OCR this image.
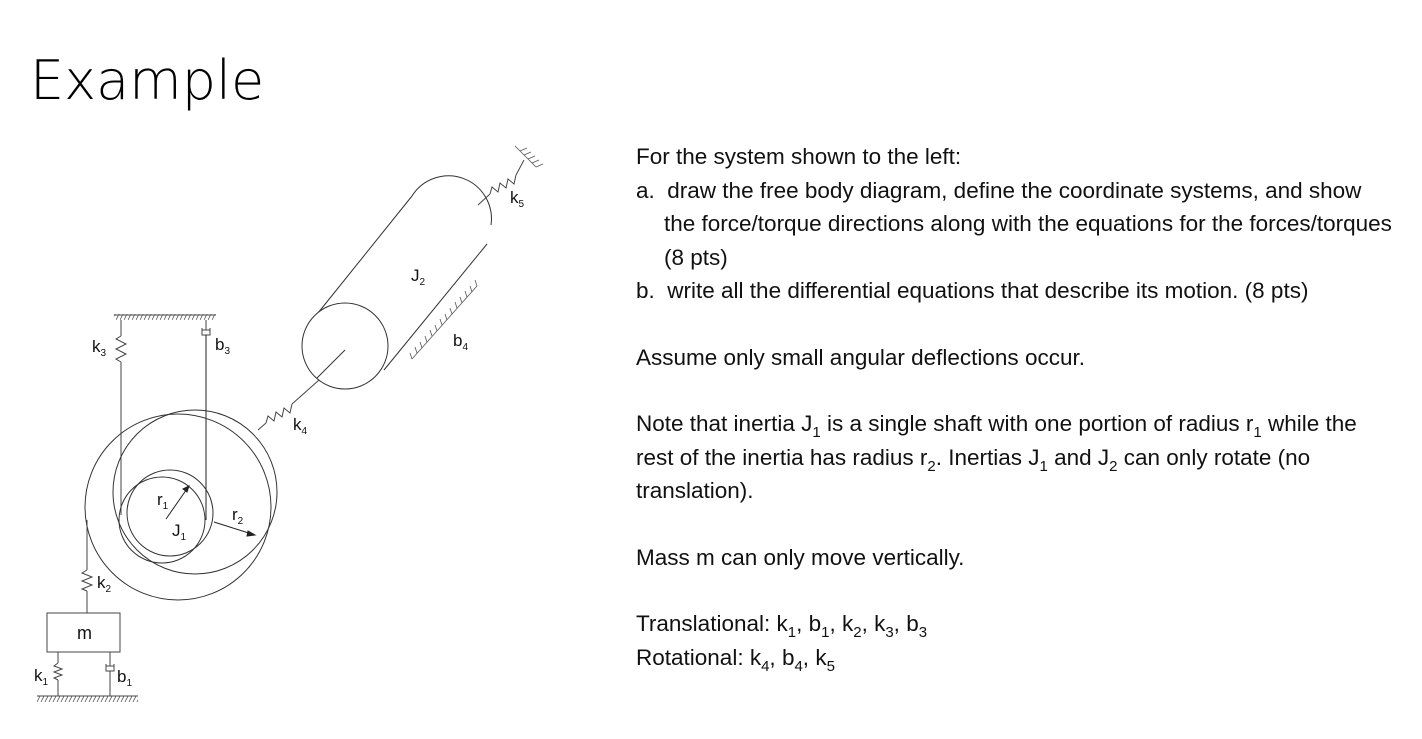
Example
$k_3$	$b_3$
$r_1$
$J_1$
$r_2$
$k_2$
m
$k_1$	$b_1$
$k_4$
$J_2$
$b_4$
$k_5$

For the system shown to the left:

a. draw the free body diagram, define the coordinate systems, and show the force/torque directions along with the equations for the forces/torques (8 pts)

b. write all the differential equations that describe its motion. (8 pts)

Assume only small angular deflections occur.

Note that inertia $J_1$ is a single shaft with one portion of radius $r_1$ while the rest of the inertia has radius $r_2$. Inertias $J_1$ and $J_2$ can only rotate (no translation).

Mass m can only move vertically.

Translational: $k_1$, $b_1$, $k_2$, $k_3$, $b_3$

Rotational: $k_4$, $b_4$, $k_5$
